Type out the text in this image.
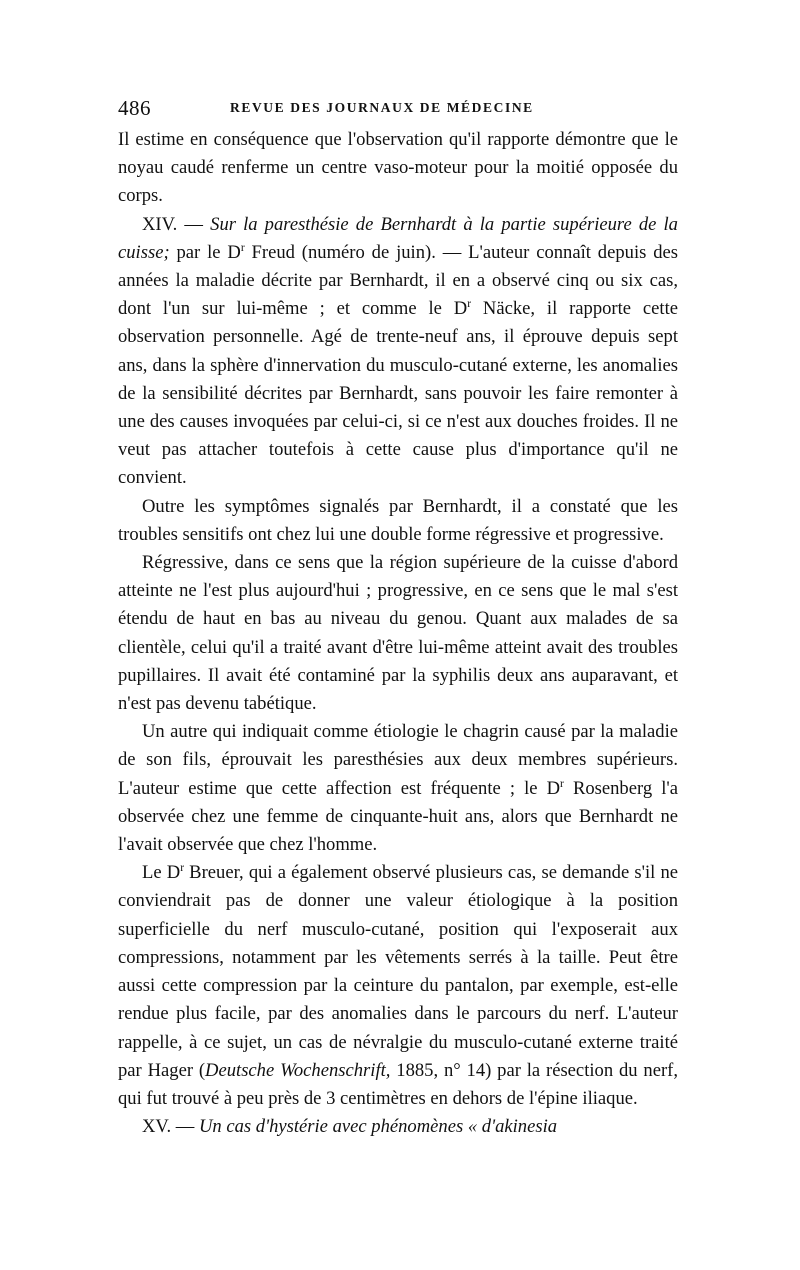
486	REVUE DES JOURNAUX DE MÉDECINE

Il estime en conséquence que l'observation qu'il rapporte démontre que le noyau caudé renferme un centre vaso-moteur pour la moitié opposée du corps.

XIV. — Sur la paresthésie de Bernhardt à la partie supérieure de la cuisse; par le $D^r$ Freud (numéro de juin). — L'auteur connaît depuis des années la maladie décrite par Bernhardt, il en a observé cinq ou six cas, dont l'un sur lui-même ; et comme le $D^r$ Näcke, il rapporte cette observation personnelle. Agé de trente-neuf ans, il éprouve depuis sept ans, dans la sphère d'innervation du musculo-cutané externe, les anomalies de la sensibilité décrites par Bernhardt, sans pouvoir les faire remonter à une des causes invoquées par celui-ci, si ce n'est aux douches froides. Il ne veut pas attacher toutefois à cette cause plus d'importance qu'il ne convient.

Outre les symptômes signalés par Bernhardt, il a constaté que les troubles sensitifs ont chez lui une double forme régressive et progressive.

Régressive, dans ce sens que la région supérieure de la cuisse d'abord atteinte ne l'est plus aujourd'hui ; progressive, en ce sens que le mal s'est étendu de haut en bas au niveau du genou. Quant aux malades de sa clientèle, celui qu'il a traité avant d'être lui-même atteint avait des troubles pupillaires. Il avait été contaminé par la syphilis deux ans auparavant, et n'est pas devenu tabétique.

Un autre qui indiquait comme étiologie le chagrin causé par la maladie de son fils, éprouvait les paresthésies aux deux membres supérieurs. L'auteur estime que cette affection est fréquente ; le $D^r$ Rosenberg l'a observée chez une femme de cinquante-huit ans, alors que Bernhardt ne l'avait observée que chez l'homme.

Le $D^r$ Breuer, qui a également observé plusieurs cas, se demande s'il ne conviendrait pas de donner une valeur étiologique à la position superficielle du nerf musculo-cutané, position qui l'exposerait aux compressions, notamment par les vêtements serrés à la taille. Peut être aussi cette compression par la ceinture du pantalon, par exemple, est-elle rendue plus facile, par des anomalies dans le parcours du nerf. L'auteur rappelle, à ce sujet, un cas de névralgie du musculo-cutané externe traité par Hager (Deutsche Wochenschrift, 1885, n° 14) par la résection du nerf, qui fut trouvé à peu près de 3 centimètres en dehors de l'épine iliaque.

XV. — Un cas d'hystérie avec phénomènes « d'akinesia
